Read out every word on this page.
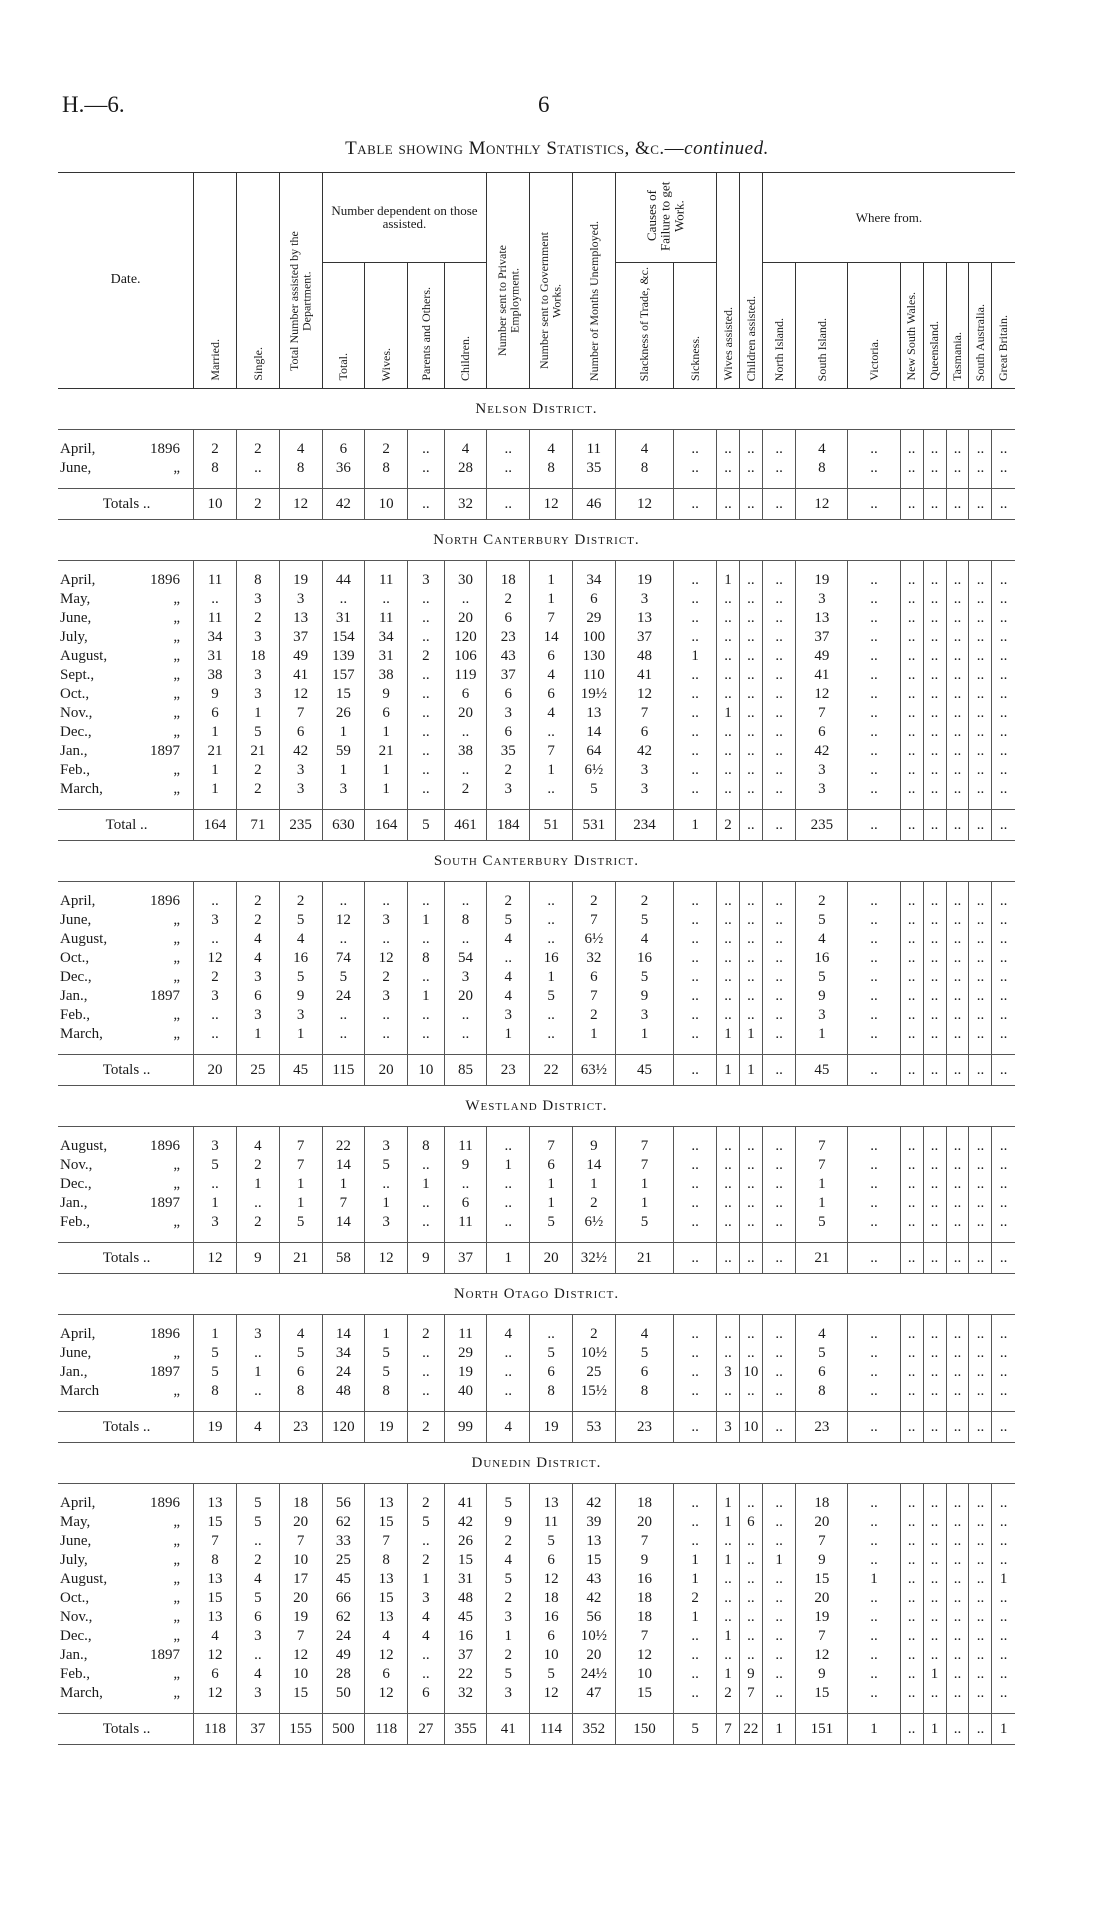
H.—6.	6
Table showing Monthly Statistics, &c.—continued.
Date.	Married.	Single.	Total Number assisted by the Department.	Number dependent on those assisted.				Number sent to Private Employment.	Number sent to Government Works.	Number of Months Unemployed.	Causes of Failure to get Work.		Wives assisted.	Children assisted.	Where from.							
				Total.	Wives.	Parents and Others.	Children.				Slackness of Trade, &c.	Sickness.			North Island.	South Island.	Victoria.	New South Wales.	Queensland.	Tasmania.	South Australia.	Great Britain.
Nelson District.																						

April, 1896	2	2	4	6	2	..	4	..	4	11	4	..	..	..	..	4	..	..	..	..	..	..
June, „	8	..	8	36	8	..	28	..	8	35	8	..	..	..	..	8	..	..	..	..	..	..

Totals ..	10	2	12	42	10	..	32	..	12	46	12	..	..	..	..	12	..	..	..	..	..	..
North Canterbury District.																						

April, 1896	11	8	19	44	11	3	30	18	1	34	19	..	1	..	..	19	..	..	..	..	..	..
May, „	..	3	3	..	..	..	..	2	1	6	3	..	..	..	..	3	..	..	..	..	..	..
June, „	11	2	13	31	11	..	20	6	7	29	13	..	..	..	..	13	..	..	..	..	..	..
July, „	34	3	37	154	34	..	120	23	14	100	37	..	..	..	..	37	..	..	..	..	..	..
August, „	31	18	49	139	31	2	106	43	6	130	48	1	..	..	..	49	..	..	..	..	..	..
Sept., „	38	3	41	157	38	..	119	37	4	110	41	..	..	..	..	41	..	..	..	..	..	..
Oct., „	9	3	12	15	9	..	6	6	6	19½	12	..	..	..	..	12	..	..	..	..	..	..
Nov., „	6	1	7	26	6	..	20	3	4	13	7	..	1	..	..	7	..	..	..	..	..	..
Dec., „	1	5	6	1	1	..	..	6	..	14	6	..	..	..	..	6	..	..	..	..	..	..
Jan., 1897	21	21	42	59	21	..	38	35	7	64	42	..	..	..	..	42	..	..	..	..	..	..
Feb., „	1	2	3	1	1	..	..	2	1	6½	3	..	..	..	..	3	..	..	..	..	..	..
March, „	1	2	3	3	1	..	2	3	..	5	3	..	..	..	..	3	..	..	..	..	..	..

Total ..	164	71	235	630	164	5	461	184	51	531	234	1	2	..	..	235	..	..	..	..	..	..
South Canterbury District.																						

April, 1896	..	2	2	..	..	..	..	2	..	2	2	..	..	..	..	2	..	..	..	..	..	..
June, „	3	2	5	12	3	1	8	5	..	7	5	..	..	..	..	5	..	..	..	..	..	..
August, „	..	4	4	..	..	..	..	4	..	6½	4	..	..	..	..	4	..	..	..	..	..	..
Oct., „	12	4	16	74	12	8	54	..	16	32	16	..	..	..	..	16	..	..	..	..	..	..
Dec., „	2	3	5	5	2	..	3	4	1	6	5	..	..	..	..	5	..	..	..	..	..	..
Jan., 1897	3	6	9	24	3	1	20	4	5	7	9	..	..	..	..	9	..	..	..	..	..	..
Feb., „	..	3	3	..	..	..	..	3	..	2	3	..	..	..	..	3	..	..	..	..	..	..
March, „	..	1	1	..	..	..	..	1	..	1	1	..	1	1	..	1	..	..	..	..	..	..

Totals ..	20	25	45	115	20	10	85	23	22	63½	45	..	1	1	..	45	..	..	..	..	..	..
Westland District.																						

August, 1896	3	4	7	22	3	8	11	..	7	9	7	..	..	..	..	7	..	..	..	..	..	..
Nov., „	5	2	7	14	5	..	9	1	6	14	7	..	..	..	..	7	..	..	..	..	..	..
Dec., „	..	1	1	1	..	1	..	..	1	1	1	..	..	..	..	1	..	..	..	..	..	..
Jan., 1897	1	..	1	7	1	..	6	..	1	2	1	..	..	..	..	1	..	..	..	..	..	..
Feb., „	3	2	5	14	3	..	11	..	5	6½	5	..	..	..	..	5	..	..	..	..	..	..

Totals ..	12	9	21	58	12	9	37	1	20	32½	21	..	..	..	..	21	..	..	..	..	..	..
North Otago District.																						

April, 1896	1	3	4	14	1	2	11	4	..	2	4	..	..	..	..	4	..	..	..	..	..	..
June, „	5	..	5	34	5	..	29	..	5	10½	5	..	..	..	..	5	..	..	..	..	..	..
Jan., 1897	5	1	6	24	5	..	19	..	6	25	6	..	3	10	..	6	..	..	..	..	..	..
March „	8	..	8	48	8	..	40	..	8	15½	8	..	..	..	..	8	..	..	..	..	..	..

Totals ..	19	4	23	120	19	2	99	4	19	53	23	..	3	10	..	23	..	..	..	..	..	..
Dunedin District.																						

April, 1896	13	5	18	56	13	2	41	5	13	42	18	..	1	..	..	18	..	..	..	..	..	..
May, „	15	5	20	62	15	5	42	9	11	39	20	..	1	6	..	20	..	..	..	..	..	..
June, „	7	..	7	33	7	..	26	2	5	13	7	..	..	..	..	7	..	..	..	..	..	..
July, „	8	2	10	25	8	2	15	4	6	15	9	1	1	..	1	9	..	..	..	..	..	..
August, „	13	4	17	45	13	1	31	5	12	43	16	1	..	..	..	15	1	..	..	..	..	1
Oct., „	15	5	20	66	15	3	48	2	18	42	18	2	..	..	..	20	..	..	..	..	..	..
Nov., „	13	6	19	62	13	4	45	3	16	56	18	1	..	..	..	19	..	..	..	..	..	..
Dec., „	4	3	7	24	4	4	16	1	6	10½	7	..	1	..	..	7	..	..	..	..	..	..
Jan., 1897	12	..	12	49	12	..	37	2	10	20	12	..	..	..	..	12	..	..	..	..	..	..
Feb., „	6	4	10	28	6	..	22	5	5	24½	10	..	1	9	..	9	..	..	1	..	..	..
March, „	12	3	15	50	12	6	32	3	12	47	15	..	2	7	..	15	..	..	..	..	..	..

Totals ..	118	37	155	500	118	27	355	41	114	352	150	5	7	22	1	151	1	..	1	..	..	1
